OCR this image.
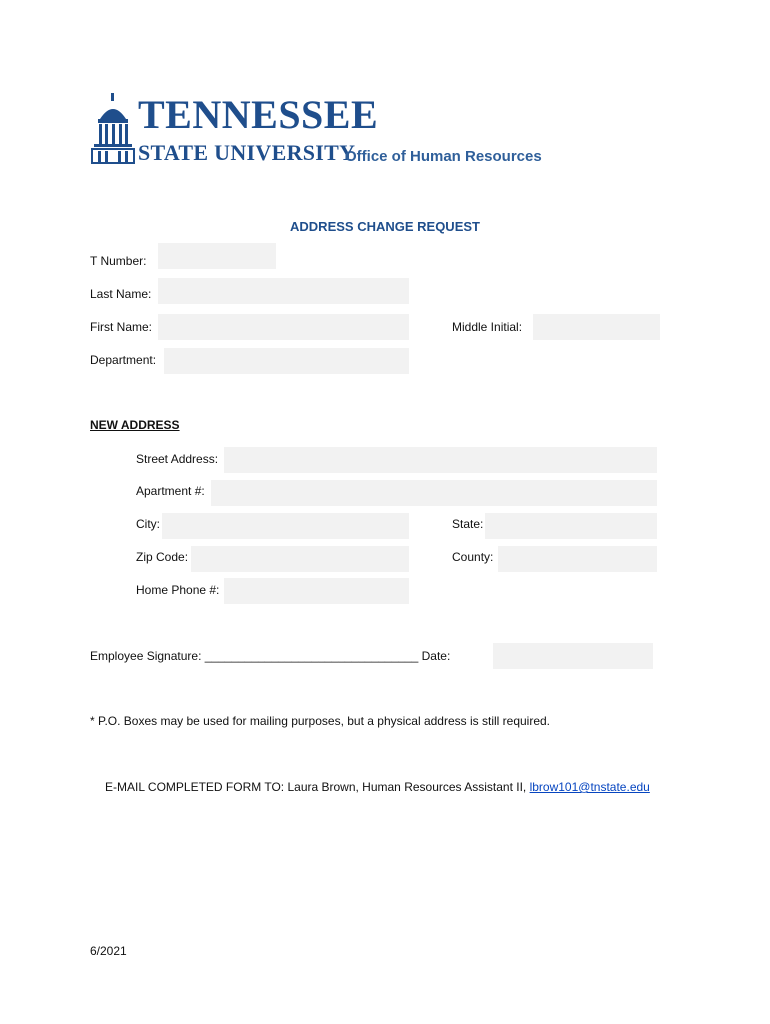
TENNESSEE
STATE UNIVERSITY
Office of Human Resources
ADDRESS CHANGE REQUEST
T Number:
Last Name:
First Name:	Middle Initial:
Department:
NEW ADDRESS
Street Address:
Apartment #:
City:	State:
Zip Code:	County:
Home Phone #:
Employee Signature: ________________________________ Date:
* P.O. Boxes may be used for mailing purposes, but a physical address is still required.
E-MAIL COMPLETED FORM TO: Laura Brown, Human Resources Assistant II, lbrow101@tnstate.edu
6/2021
